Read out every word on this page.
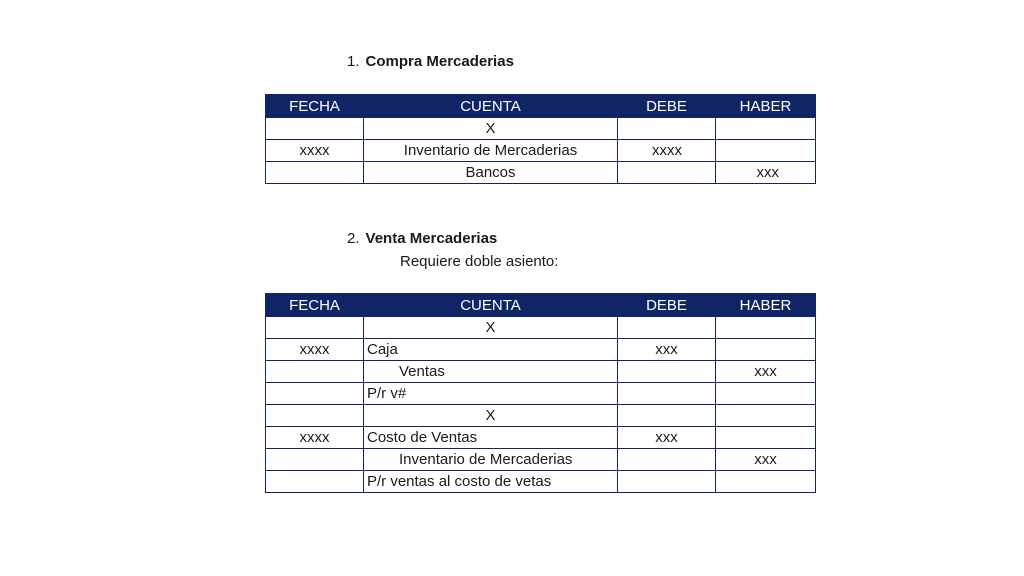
1. Compra Mercaderias
FECHA	CUENTA	DEBE	HABER
	X		
xxxx	Inventario de Mercaderias	xxxx	
	Bancos		xxx
2. Venta Mercaderias
Requiere doble asiento:
FECHA	CUENTA	DEBE	HABER
	X		
xxxx	Caja	xxx	
	Ventas		xxx
	P/r v#		
	X		
xxxx	Costo de Ventas	xxx	
	Inventario de Mercaderias		xxx
	P/r ventas al costo de vetas		
